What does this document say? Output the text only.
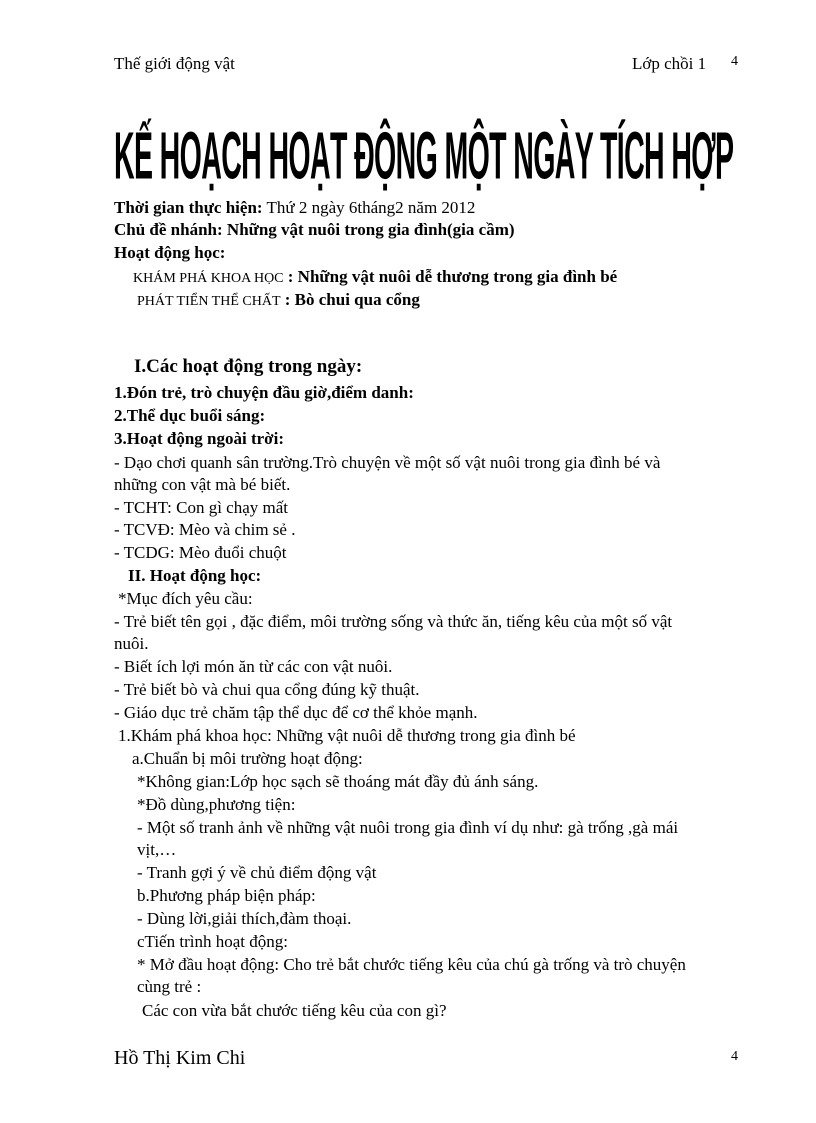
Thế giới động vật	Lớp chồi 1 4
KẾ HOẠCH HOẠT ĐỘNG MỘT NGÀY TÍCH HỢP
Thời gian thực hiện: Thứ 2 ngày 6tháng2 năm 2012
Chủ đề nhánh: Những vật nuôi trong gia đình(gia cầm)
Hoạt động học:
KHÁM PHÁ KHOA HỌC : Những vật nuôi dễ thương trong gia đình bé
PHÁT TIỂN THỂ CHẤT : Bò chui qua cổng
I.Các hoạt động trong ngày:
1.Đón trẻ, trò chuyện đầu giờ,điểm danh:
2.Thể dục buổi sáng:
3.Hoạt động ngoài trời:
- Dạo chơi quanh sân trường.Trò chuyện về một số vật nuôi trong gia đình bé và
những con vật mà bé biết.
- TCHT: Con gì chạy mất
- TCVĐ: Mèo và chim sẻ .
- TCDG: Mèo đuổi chuột
II. Hoạt động học:
*Mục đích yêu cầu:
- Trẻ biết tên gọi , đặc điểm, môi trường sống và thức ăn, tiếng kêu của một số vật
nuôi.
- Biết ích lợi món ăn từ các con vật nuôi.
- Trẻ biết bò và chui qua cổng đúng kỹ thuật.
- Giáo dục trẻ chăm tập thể dục để cơ thể khỏe mạnh.
1.Khám phá khoa học: Những vật nuôi dễ thương trong gia đình bé
a.Chuẩn bị môi trường hoạt động:
*Không gian:Lớp học sạch sẽ thoáng mát đầy đủ ánh sáng.
*Đồ dùng,phương tiện:
- Một số tranh ảnh về những vật nuôi trong gia đình ví dụ như: gà trống ,gà mái
vịt,…
- Tranh gợi ý về chủ điểm động vật
b.Phương pháp biện pháp:
- Dùng lời,giải thích,đàm thoại.
cTiến trình hoạt động:
* Mở đầu hoạt động: Cho trẻ bắt chước tiếng kêu của chú gà trống và trò chuyện
cùng trẻ :
Các con vừa bắt chước tiếng kêu của con gì?
Hồ Thị Kim Chi	4
